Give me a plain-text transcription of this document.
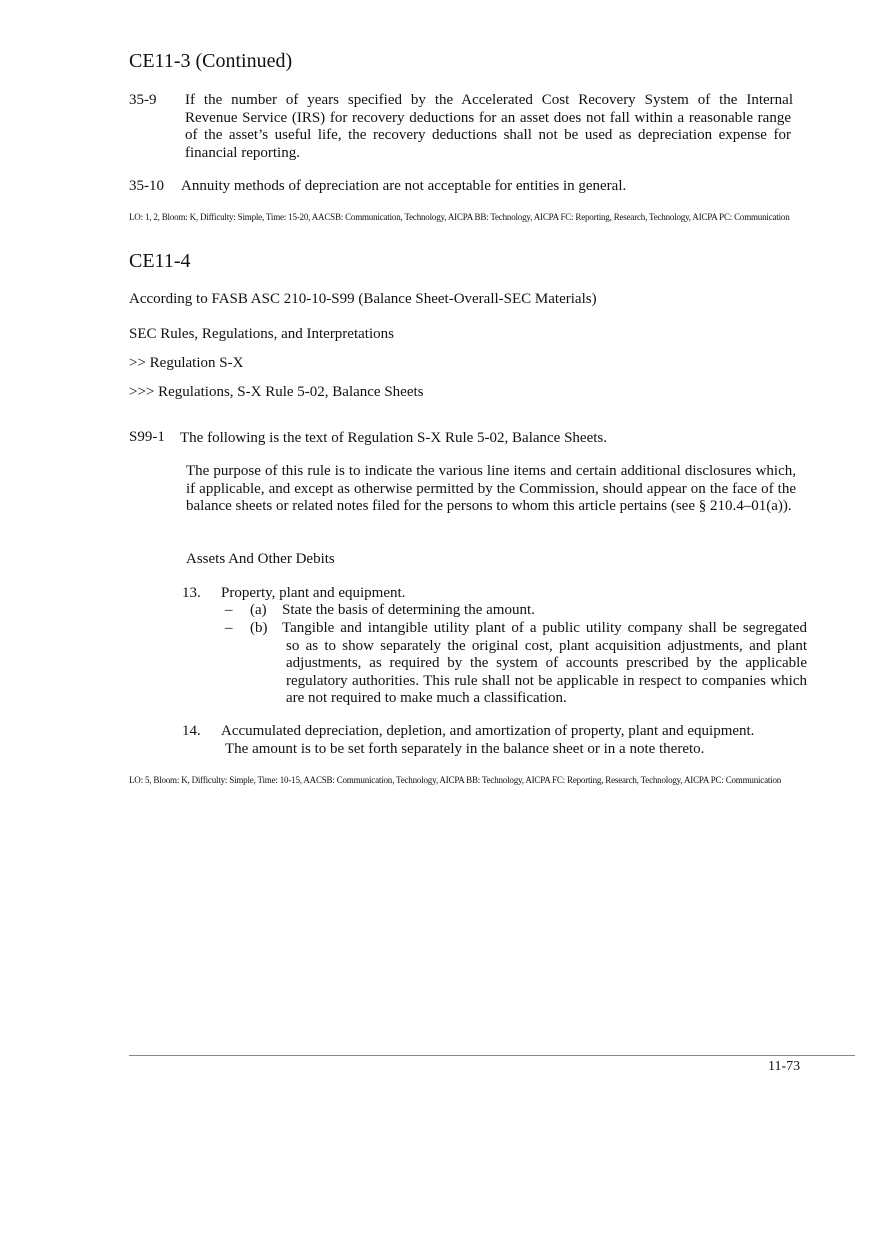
CE11-3 (Continued)
35-9 If the number of years specified by the Accelerated Cost Recovery System of the Internal
Revenue Service (IRS) for recovery deductions for an asset does not fall within a reasonable range of the asset’s useful life, the recovery deductions shall not be used as depreciation expense for financial reporting.
35-10 Annuity methods of depreciation are not acceptable for entities in general.
LO: 1, 2, Bloom: K, Difficulty: Simple, Time: 15-20, AACSB: Communication, Technology, AICPA BB: Technology, AICPA FC: Reporting, Research, Technology, AICPA PC: Communication
CE11-4
According to FASB ASC 210-10-S99 (Balance Sheet-Overall-SEC Materials)
SEC Rules, Regulations, and Interpretations
>> Regulation S-X
>>> Regulations, S-X Rule 5-02, Balance Sheets
S99-1 The following is the text of Regulation S-X Rule 5-02, Balance Sheets.
The purpose of this rule is to indicate the various line items and certain additional disclosures which, if applicable, and except as otherwise permitted by the Commission, should appear on the face of the balance sheets or related notes filed for the persons to whom this article pertains (see § 210.4–01(a)).
Assets And Other Debits
13. Property, plant and equipment.
– (a) State the basis of determining the amount.
– (b) Tangible and intangible utility plant of a public utility company shall be segregated
so as to show separately the original cost, plant acquisition adjustments, and plant adjustments, as required by the system of accounts prescribed by the applicable regulatory authorities. This rule shall not be applicable in respect to companies which are not required to make much a classification.
14. Accumulated depreciation, depletion, and amortization of property, plant and equipment.
The amount is to be set forth separately in the balance sheet or in a note thereto.
LO: 5, Bloom: K, Difficulty: Simple, Time: 10-15, AACSB: Communication, Technology, AICPA BB: Technology, AICPA FC: Reporting, Research, Technology, AICPA PC: Communication
11-73
